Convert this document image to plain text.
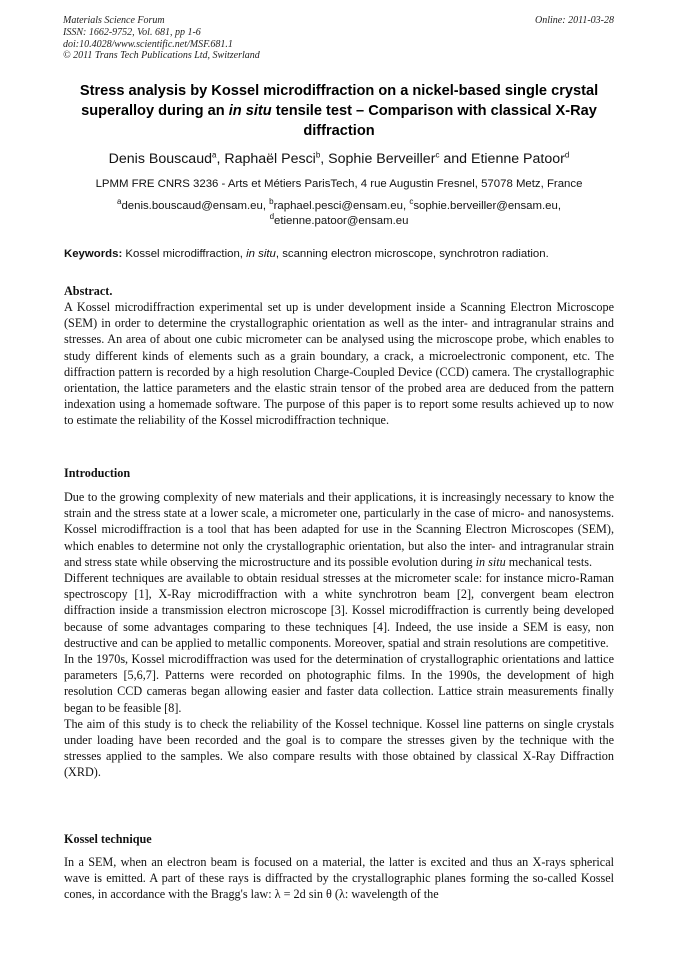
Materials Science Forum
ISSN: 1662-9752, Vol. 681, pp 1-6
doi:10.4028/www.scientific.net/MSF.681.1
© 2011 Trans Tech Publications Ltd, Switzerland
Online: 2011-03-28
Stress analysis by Kossel microdiffraction on a nickel-based single crystal superalloy during an in situ tensile test – Comparison with classical X-Ray diffraction
Denis Bouscaud$^a$, Raphaël Pesci$^b$, Sophie Berveiller$^c$ and Etienne Patoor$^d$
LPMM FRE CNRS 3236 - Arts et Métiers ParisTech, 4 rue Augustin Fresnel, 57078 Metz, France
$^a$denis.bouscaud@ensam.eu, $^b$raphael.pesci@ensam.eu, $^c$sophie.berveiller@ensam.eu,
$^d$etienne.patoor@ensam.eu
Keywords: Kossel microdiffraction, in situ, scanning electron microscope, synchrotron radiation.
Abstract.

A Kossel microdiffraction experimental set up is under development inside a Scanning Electron Microscope (SEM) in order to determine the crystallographic orientation as well as the inter- and intragranular strains and stresses. An area of about one cubic micrometer can be analysed using the microscope probe, which enables to study different kinds of elements such as a grain boundary, a crack, a microelectronic component, etc. The diffraction pattern is recorded by a high resolution Charge-Coupled Device (CCD) camera. The crystallographic orientation, the lattice parameters and the elastic strain tensor of the probed area are deduced from the pattern indexation using a homemade software. The purpose of this paper is to report some results achieved up to now to estimate the reliability of the Kossel microdiffraction technique.

Introduction

Due to the growing complexity of new materials and their applications, it is increasingly necessary to know the strain and the stress state at a lower scale, a micrometer one, particularly in the case of micro- and nanosystems. Kossel microdiffraction is a tool that has been adapted for use in the Scanning Electron Microscopes (SEM), which enables to determine not only the crystallographic orientation, but also the inter- and intragranular strain and stress state while observing the microstructure and its possible evolution during in situ mechanical tests.

Different techniques are available to obtain residual stresses at the micrometer scale: for instance micro-Raman spectroscopy [1], X-Ray microdiffraction with a white synchrotron beam [2], convergent beam electron diffraction inside a transmission electron microscope [3]. Kossel microdiffraction is currently being developed because of some advantages comparing to these techniques [4]. Indeed, the use inside a SEM is easy, non destructive and can be applied to metallic components. Moreover, spatial and strain resolutions are competitive.

In the 1970s, Kossel microdiffraction was used for the determination of crystallographic orientations and lattice parameters [5,6,7]. Patterns were recorded on photographic films. In the 1990s, the development of high resolution CCD cameras began allowing easier and faster data collection. Lattice strain measurements finally began to be feasible [8].

The aim of this study is to check the reliability of the Kossel technique. Kossel line patterns on single crystals under loading have been recorded and the goal is to compare the stresses given by the technique with the stresses applied to the samples. We also compare results with those obtained by classical X-Ray Diffraction (XRD).

Kossel technique

In a SEM, when an electron beam is focused on a material, the latter is excited and thus an X-rays spherical wave is emitted. A part of these rays is diffracted by the crystallographic planes forming the so-called Kossel cones, in accordance with the Bragg's law: λ = 2d sin θ (λ: wavelength of the
